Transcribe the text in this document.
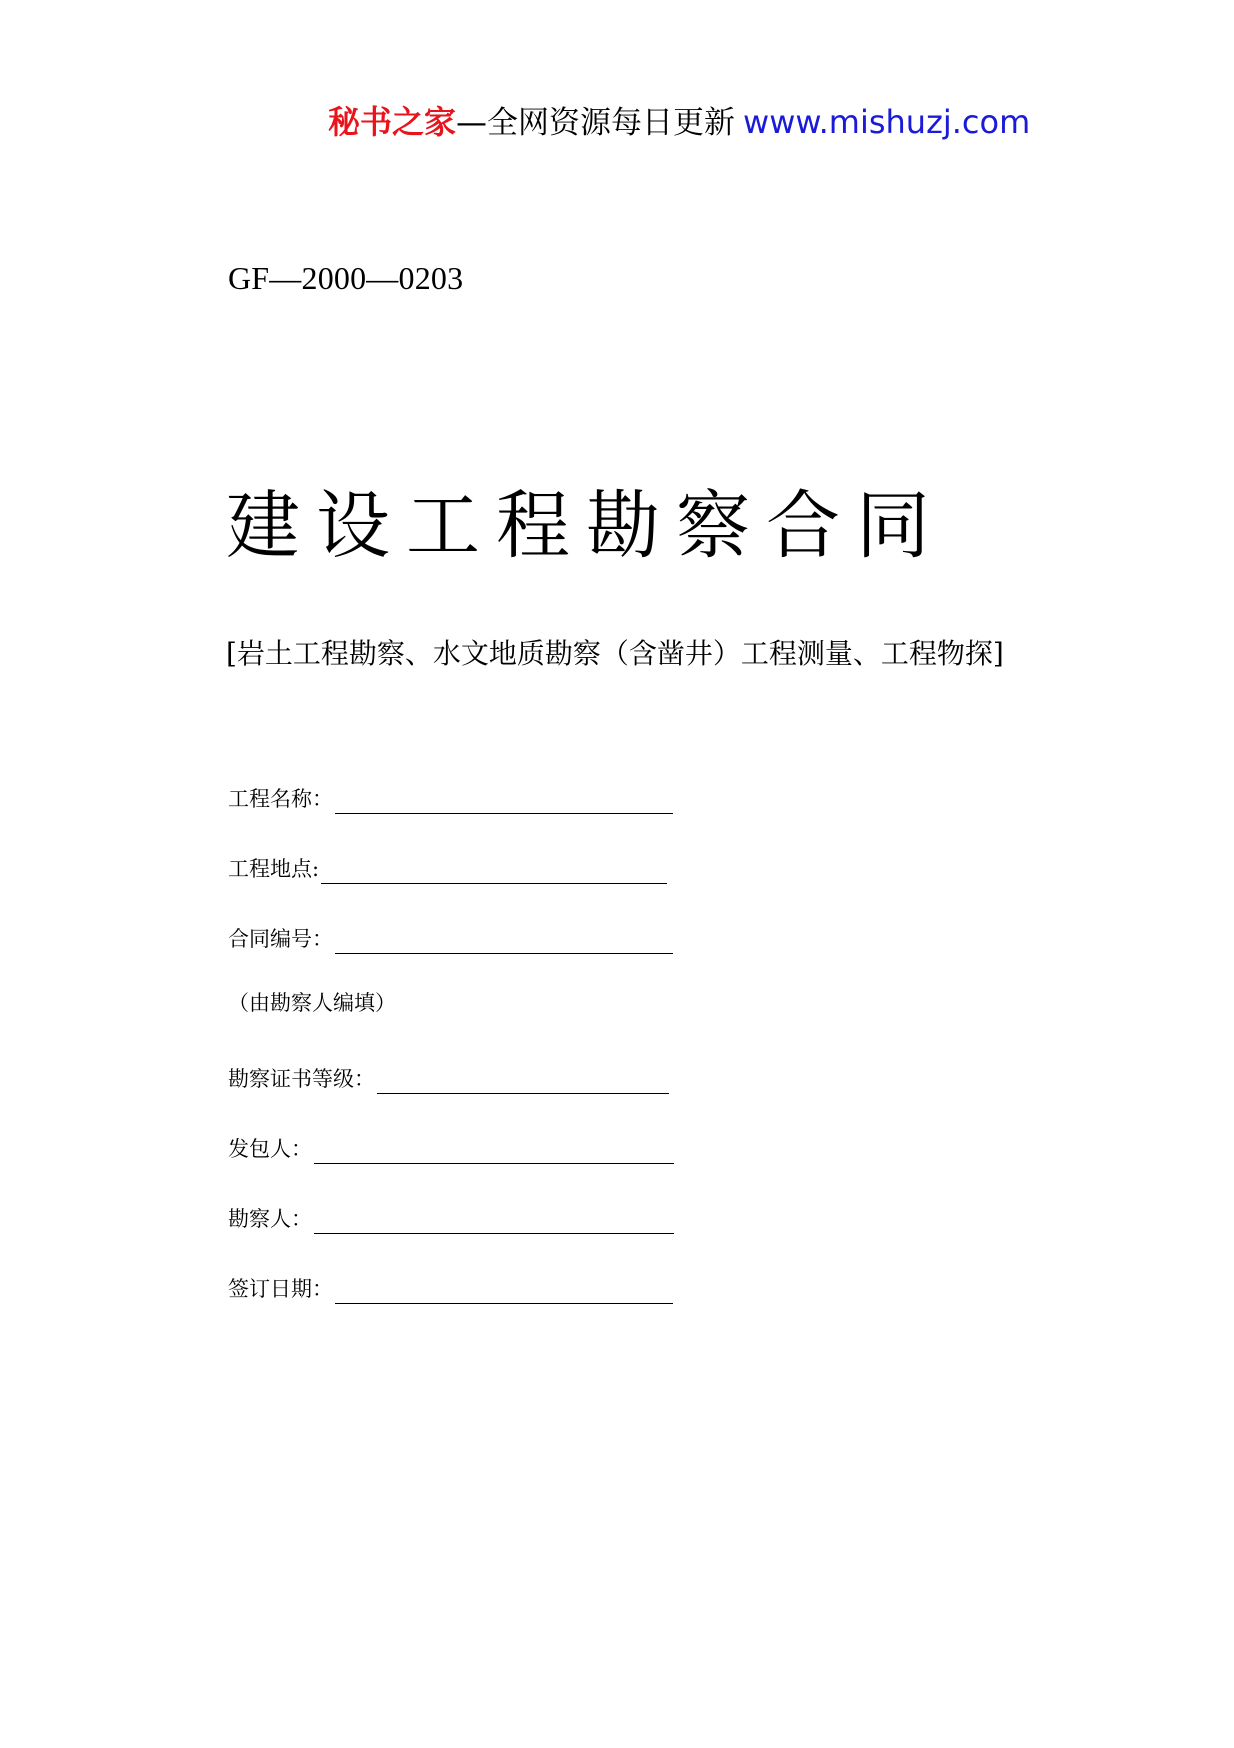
秘书之家—全网资源每日更新 www.mishuzj.com
GF—2000—0203
建设工程勘察合同
[岩土工程勘察、水文地质勘察（含凿井）工程测量、工程物探]
工程名称：
工程地点:
合同编号：
（由勘察人编填）
勘察证书等级：
发包人：
勘察人：
签订日期：
